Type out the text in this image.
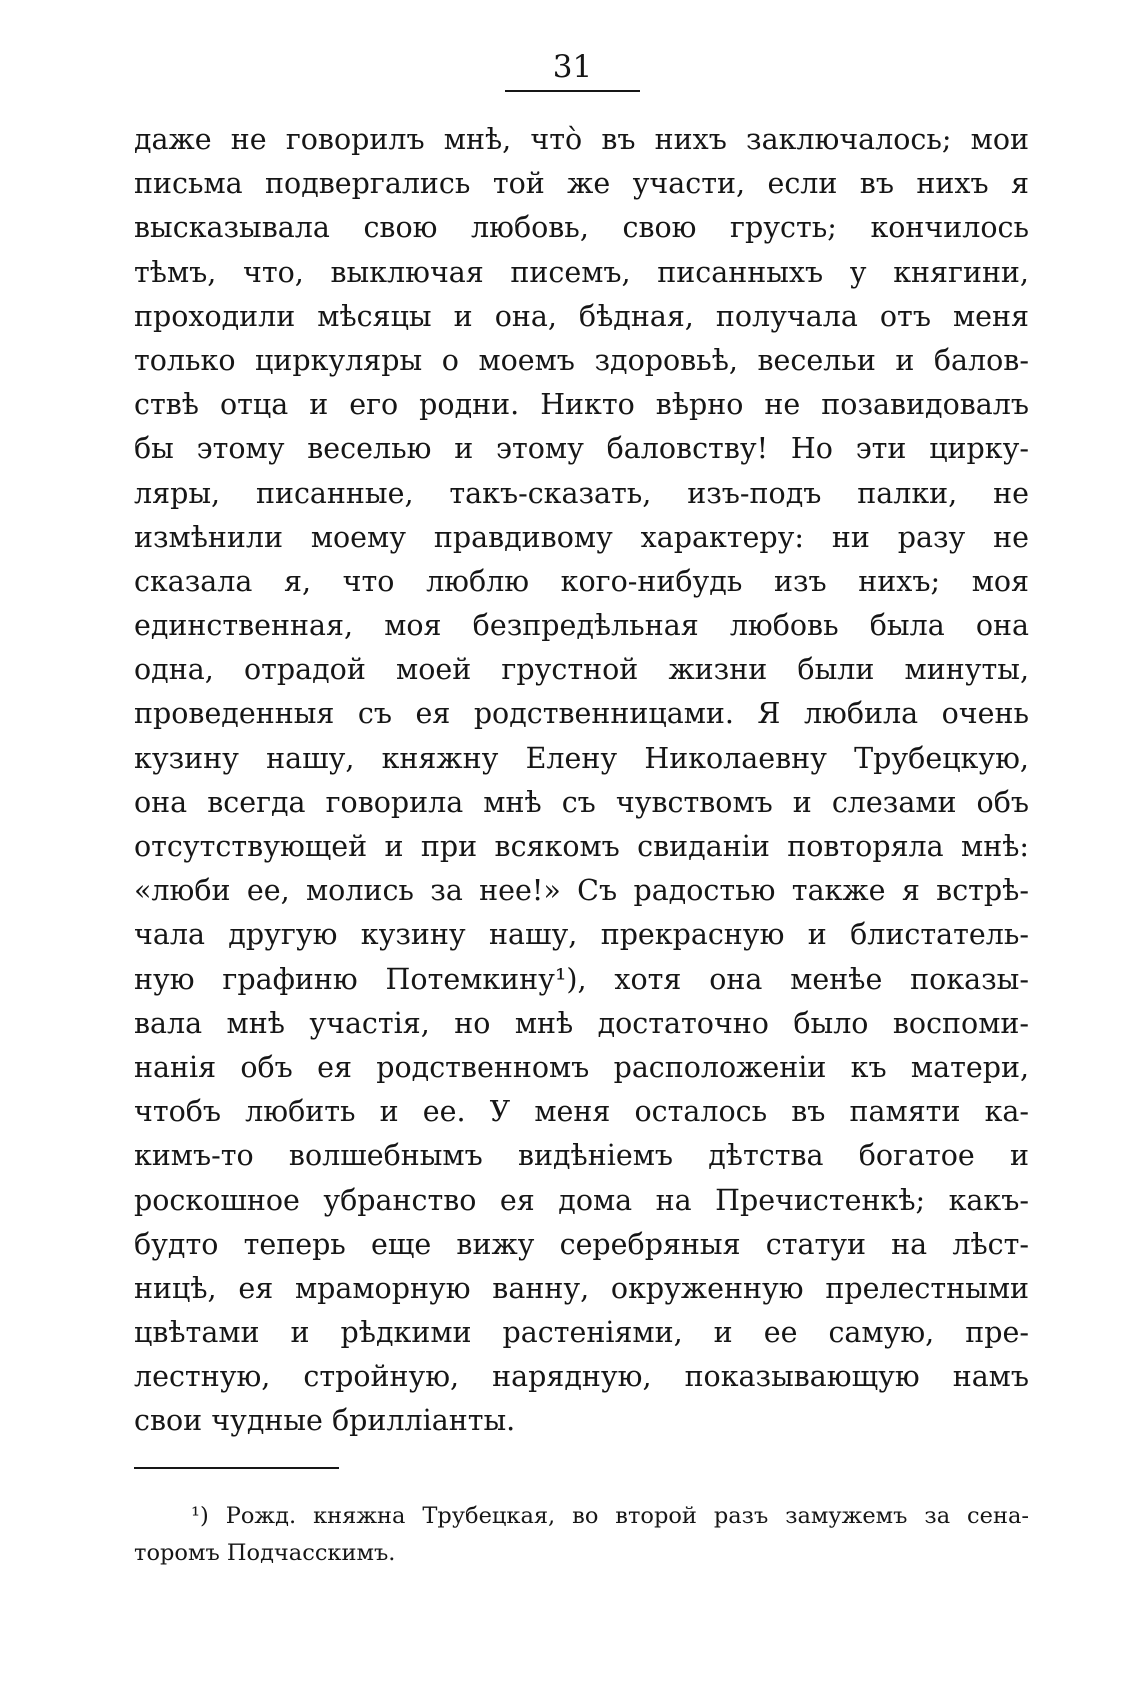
31
даже не говорилъ мнѣ, что̀ въ нихъ заключалось; мои
письма подвергались той же участи, если въ нихъ я
высказывала свою любовь, свою грусть; кончилось
тѣмъ, что, выключая писемъ, писанныхъ у княгини,
проходили мѣсяцы и она, бѣдная, получала отъ меня
только циркуляры о моемъ здоровьѣ, весельи и балов-
ствѣ отца и его родни. Никто вѣрно не позавидовалъ
бы этому веселью и этому баловству! Но эти цирку-
ляры, писанные, такъ-сказать, изъ-подъ палки, не
измѣнили моему правдивому характеру: ни разу не
сказала я, что люблю кого-нибудь изъ нихъ; моя
единственная, моя безпредѣльная любовь была она
одна, отрадой моей грустной жизни были минуты,
проведенныя съ ея родственницами. Я любила очень
кузину нашу, княжну Елену Николаевну Трубецкую,
она всегда говорила мнѣ съ чувствомъ и слезами объ
отсутствующей и при всякомъ свиданіи повторяла мнѣ:
«люби ее, молись за нее!» Съ радостью также я встрѣ-
чала другую кузину нашу, прекрасную и блистатель-
ную графиню Потемкину¹), хотя она менѣе показы-
вала мнѣ участія, но мнѣ достаточно было воспоми-
нанія объ ея родственномъ расположеніи къ матери,
чтобъ любить и ее. У меня осталось въ памяти ка-
кимъ-то волшебнымъ видѣніемъ дѣтства богатое и
роскошное убранство ея дома на Пречистенкѣ; какъ-
будто теперь еще вижу серебряныя статуи на лѣст-
ницѣ, ея мраморную ванну, окруженную прелестными
цвѣтами и рѣдкими растеніями, и ее самую, пре-
лестную, стройную, нарядную, показывающую намъ
свои чудные брилліанты.
¹) Рожд. княжна Трубецкая, во второй разъ замужемъ за сена-
торомъ Подчасскимъ.
